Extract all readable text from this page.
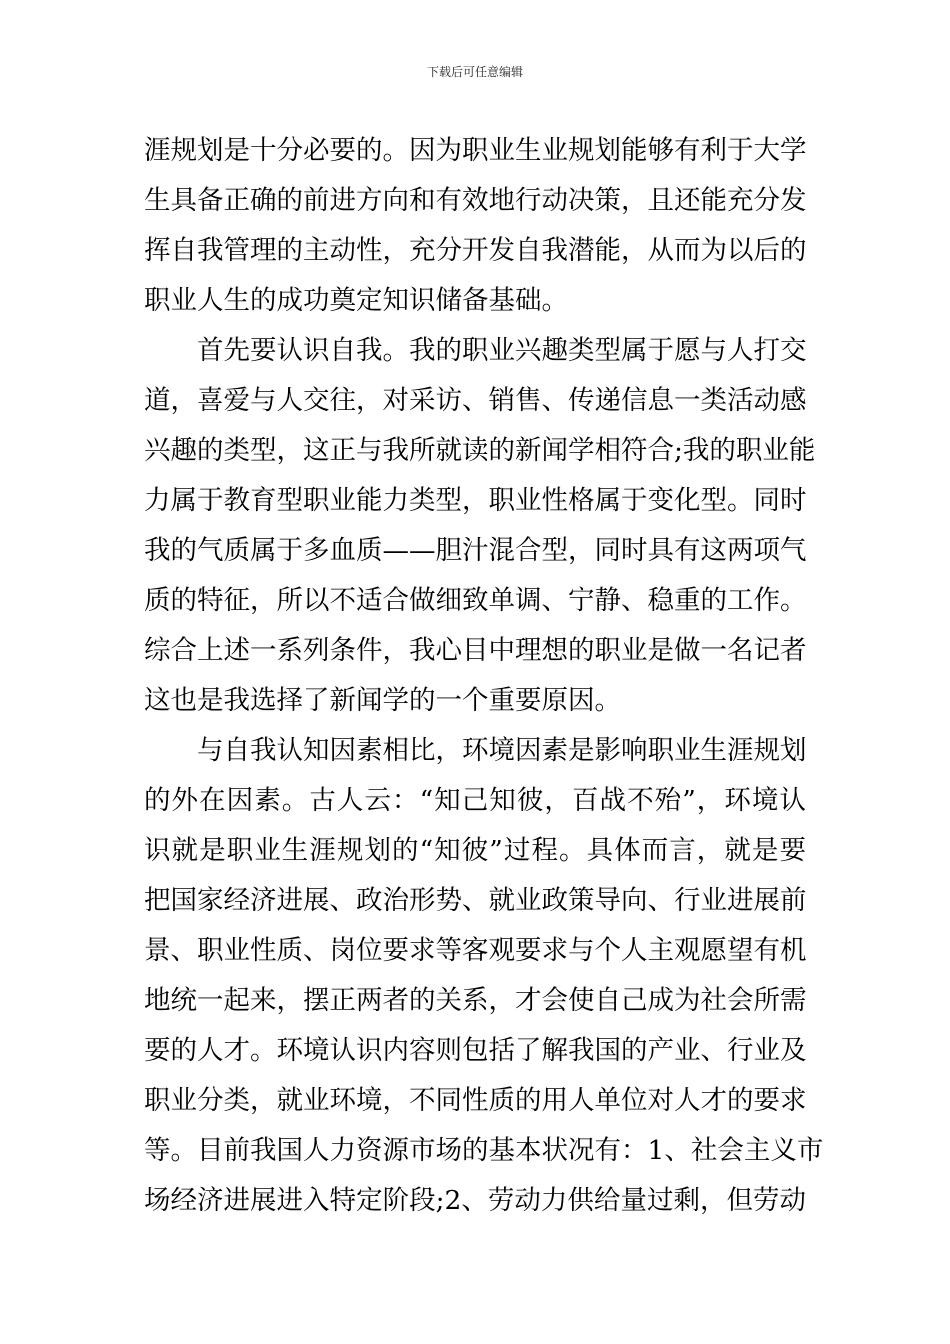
下载后可任意编辑
涯规划是十分必要的。因为职业生业规划能够有利于大学
生具备正确的前进方向和有效地行动决策，且还能充分发
挥自我管理的主动性，充分开发自我潜能，从而为以后的
职业人生的成功奠定知识储备基础。
首先要认识自我。我的职业兴趣类型属于愿与人打交
道，喜爱与人交往，对采访、销售、传递信息一类活动感
兴趣的类型，这正与我所就读的新闻学相符合;我的职业能
力属于教育型职业能力类型，职业性格属于变化型。同时
我的气质属于多血质——胆汁混合型，同时具有这两项气
质的特征，所以不适合做细致单调、宁静、稳重的工作。
综合上述一系列条件，我心目中理想的职业是做一名记者
这也是我选择了新闻学的一个重要原因。
与自我认知因素相比，环境因素是影响职业生涯规划
的外在因素。古人云：“知己知彼，百战不殆”，环境认
识就是职业生涯规划的“知彼”过程。具体而言，就是要
把国家经济进展、政治形势、就业政策导向、行业进展前
景、职业性质、岗位要求等客观要求与个人主观愿望有机
地统一起来，摆正两者的关系，才会使自己成为社会所需
要的人才。环境认识内容则包括了解我国的产业、行业及
职业分类，就业环境，不同性质的用人单位对人才的要求
等。目前我国人力资源市场的基本状况有：1、社会主义市
场经济进展进入特定阶段;2、劳动力供给量过剩，但劳动
